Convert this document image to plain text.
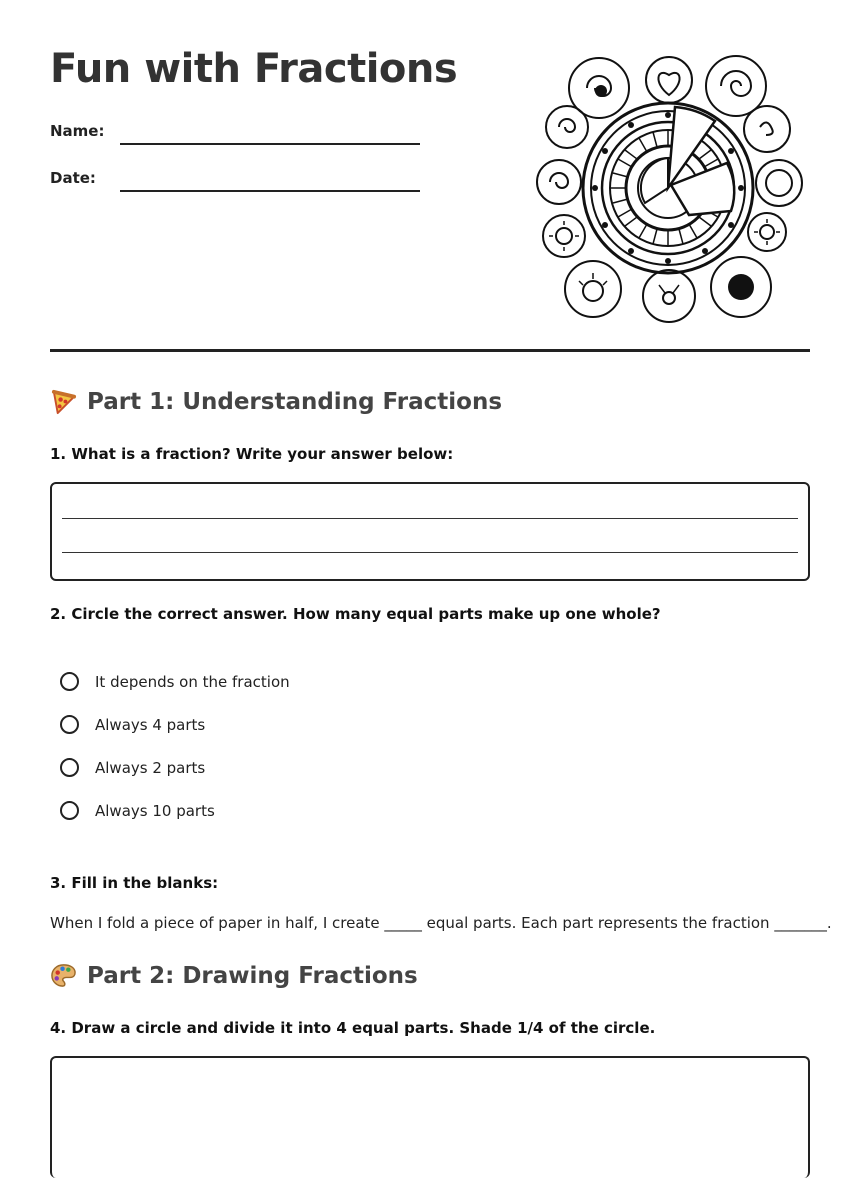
Fun with Fractions
Name:
Date:
Part 1: Understanding Fractions
1. What is a fraction? Write your answer below:
2. Circle the correct answer. How many equal parts make up one whole?
It depends on the fraction
Always 4 parts
Always 2 parts
Always 10 parts
3. Fill in the blanks:
When I fold a piece of paper in half, I create _____ equal parts. Each part represents the fraction _______.
Part 2: Drawing Fractions
4. Draw a circle and divide it into 4 equal parts. Shade 1/4 of the circle.
